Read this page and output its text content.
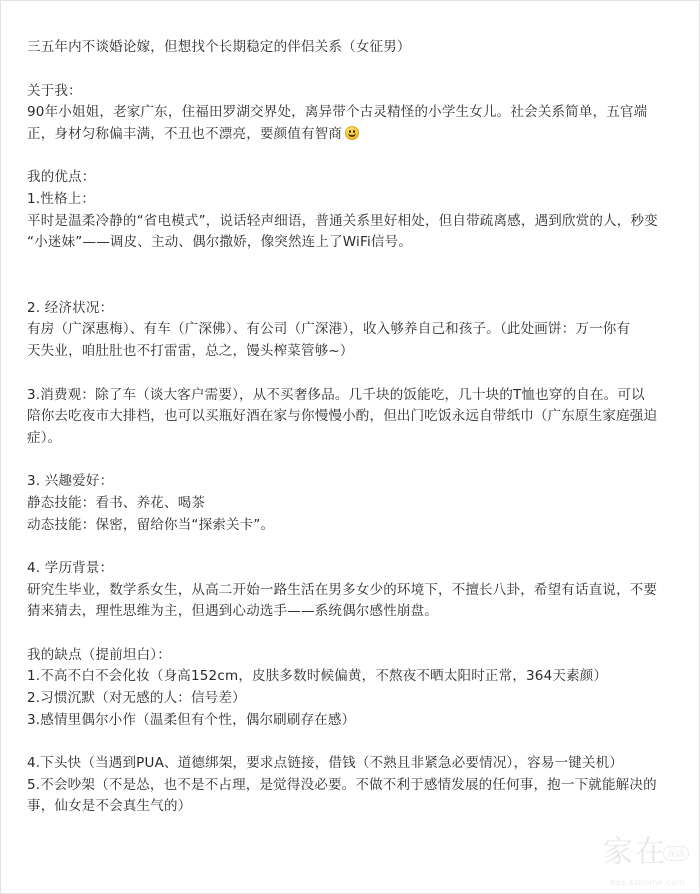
三五年内不谈婚论嫁，但想找个长期稳定的伴侣关系（女征男）

关于我：

90年小姐姐，老家广东，住福田罗湖交界处，离异带个古灵精怪的小学生女儿。社会关系简单，五官端

正，身材匀称偏丰满，不丑也不漂亮，要颜值有智商

我的优点：

1.性格上：

平时是温柔冷静的“省电模式”，说话轻声细语，普通关系里好相处，但自带疏离感，遇到欣赏的人，秒变

“小迷妹”——调皮、主动、偶尔撒娇，像突然连上了WiFi信号。

2. 经济状况：

有房（广深惠梅）、有车（广深佛）、有公司（广深港），收入够养自己和孩子。（此处画饼：万一你有

天失业，咱肚肚也不打雷雷，总之，馒头榨菜管够~）

3.消费观：除了车（谈大客户需要），从不买奢侈品。几千块的饭能吃，几十块的T恤也穿的自在。可以

陪你去吃夜市大排档，也可以买瓶好酒在家与你慢慢小酌，但出门吃饭永远自带纸巾（广东原生家庭强迫

症）。

3. 兴趣爱好：

静态技能：看书、养花、喝茶

动态技能：保密，留给你当“探索关卡”。

4. 学历背景：

研究生毕业，数学系女生，从高二开始一路生活在男多女少的环境下，不擅长八卦，希望有话直说，不要

猜来猜去，理性思维为主，但遇到心动选手——系统偶尔感性崩盘。

我的缺点（提前坦白）：

1.不高不白不会化妆（身高152cm，皮肤多数时候偏黄，不熬夜不晒太阳时正常，364天素颜）

2.习惯沉默（对无感的人：信号差）

3.感情里偶尔小作（温柔但有个性，偶尔刷刷存在感）

4.下头快（当遇到PUA、道德绑架，要求点链接，借钱（不熟且非紧急必要情况），容易一键关机）

5.不会吵架（不是怂，也不是不占理，是觉得没必要。不做不利于感情发展的任何事，抱一下就能解决的

事，仙女是不会真生气的）

家在 深圳
bbs.szhome.com
